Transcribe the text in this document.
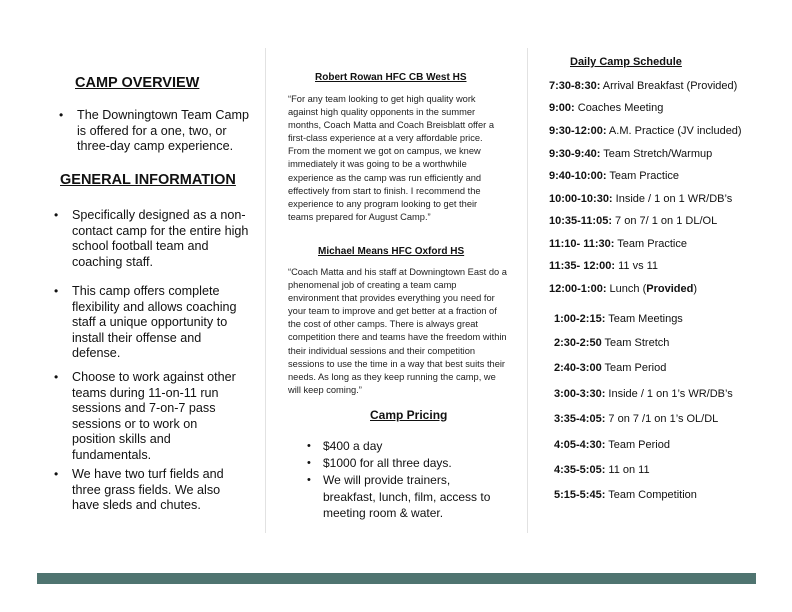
CAMP OVERVIEW
• The Downingtown Team Camp is offered for a one, two, or three-day camp experience.
GENERAL INFORMATION
• Specifically designed as a non-contact camp for the entire high school football team and coaching staff.
• This camp offers complete flexibility and allows coaching staff a unique opportunity to install their offense and defense.
• Choose to work against other teams during 11-on-11 run sessions and 7-on-7 pass sessions or to work on position skills and fundamentals.
• We have two turf fields and three grass fields. We also have sleds and chutes.
Robert Rowan HFC CB West HS
“For any team looking to get high quality work against high quality opponents in the summer months, Coach Matta and Coach Breisblatt offer a first-class experience at a very affordable price. From the moment we got on campus, we knew immediately it was going to be a worthwhile experience as the camp was run efficiently and effectively from start to finish. I recommend the experience to any program looking to get their teams prepared for August Camp.”
Michael Means HFC Oxford HS
“Coach Matta and his staff at Downingtown East do a phenomenal job of creating a team camp environment that provides everything you need for your team to improve and get better at a fraction of the cost of other camps. There is always great competition there and teams have the freedom within their individual sessions and their competition sessions to use the time in a way that best suits their needs. As long as they keep running the camp, we will keep coming.”
Camp Pricing
• $400 a day
• $1000 for all three days.
• We will provide trainers, breakfast, lunch, film, access to meeting room & water.
Daily Camp Schedule
7:30-8:30: Arrival Breakfast (Provided)
9:00: Coaches Meeting
9:30-12:00: A.M. Practice (JV included)
9:30-9:40: Team Stretch/Warmup
9:40-10:00: Team Practice
10:00-10:30: Inside / 1 on 1 WR/DB’s
10:35-11:05: 7 on 7/ 1 on 1 DL/OL
11:10- 11:30: Team Practice
11:35- 12:00: 11 vs 11
12:00-1:00: Lunch (Provided)
1:00-2:15: Team Meetings
2:30-2:50 Team Stretch
2:40-3:00 Team Period
3:00-3:30: Inside / 1 on 1’s WR/DB’s
3:35-4:05: 7 on 7 /1 on 1’s OL/DL
4:05-4:30: Team Period
4:35-5:05: 11 on 11
5:15-5:45: Team Competition
